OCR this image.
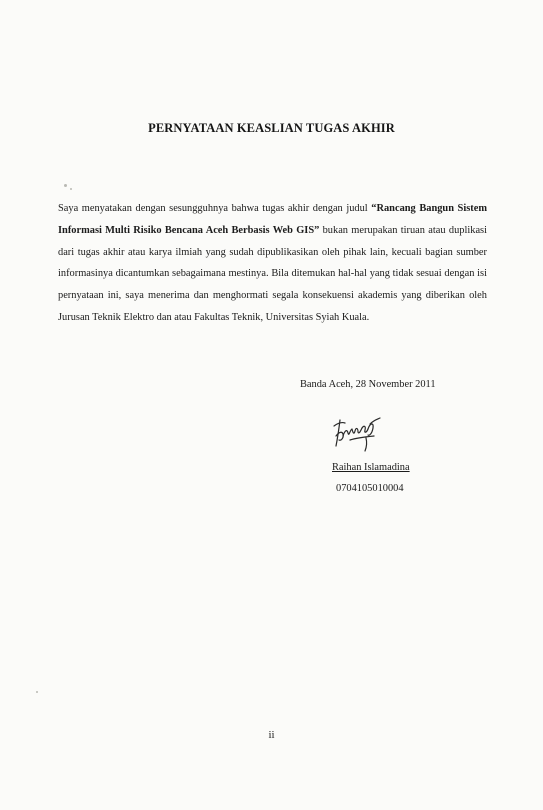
PERNYATAAN KEASLIAN TUGAS AKHIR

Saya menyatakan dengan sesungguhnya bahwa tugas akhir dengan judul “Rancang Bangun Sistem Informasi Multi Risiko Bencana Aceh Berbasis Web GIS” bukan merupakan tiruan atau duplikasi dari tugas akhir atau karya ilmiah yang sudah dipublikasikan oleh pihak lain, kecuali bagian sumber informasinya dicantumkan sebagaimana mestinya. Bila ditemukan hal-hal yang tidak sesuai dengan isi pernyataan ini, saya menerima dan menghormati segala konsekuensi akademis yang diberikan oleh Jurusan Teknik Elektro dan atau Fakultas Teknik, Universitas Syiah Kuala.

Banda Aceh, 28 November 2011
Raihan Islamadina
0704105010004
ii
